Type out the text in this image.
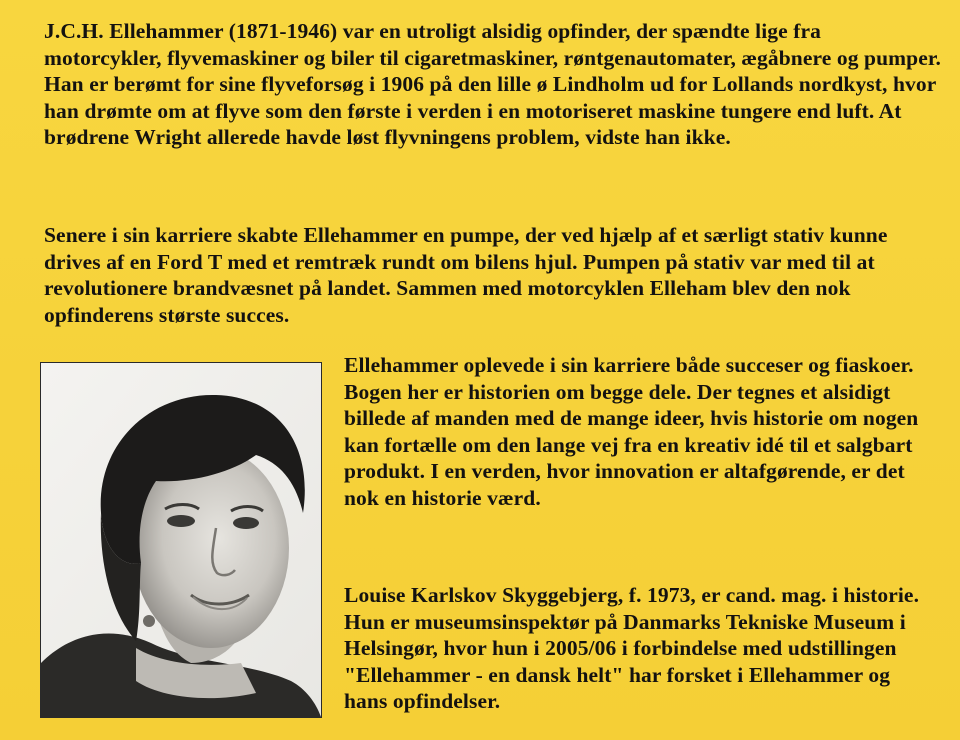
J.C.H. Ellehammer (1871-1946) var en utroligt alsidig opfinder, der spændte lige fra motorcykler, flyvemaskiner og biler til cigaretmaskiner, røntgenautomater, ægåbnere og pumper. Han er berømt for sine flyveforsøg i 1906 på den lille ø Lindholm ud for Lollands nordkyst, hvor han drømte om at flyve som den første i verden i en motoriseret maskine tungere end luft. At brødrene Wright allerede havde løst flyvningens problem, vidste han ikke.

Senere i sin karriere skabte Ellehammer en pumpe, der ved hjælp af et særligt stativ kunne drives af en Ford T med et remtræk rundt om bilens hjul. Pumpen på stativ var med til at revolutionere brandvæsnet på landet. Sammen med motorcyklen Elleham blev den nok opfinderens største succes.

Ellehammer oplevede i sin karriere både succeser og fiaskoer. Bogen her er historien om begge dele. Der tegnes et alsidigt billede af manden med de mange ideer, hvis historie om nogen kan fortælle om den lange vej fra en kreativ idé til et salgbart produkt. I en verden, hvor innovation er altafgørende, er det nok en historie værd.

Louise Karlskov Skyggebjerg, f. 1973, er cand. mag. i historie. Hun er museumsinspektør på Danmarks Tekniske Museum i Helsingør, hvor hun i 2005/06 i forbindelse med udstillingen "Ellehammer - en dansk helt" har forsket i Ellehammer og hans opfindelser.
